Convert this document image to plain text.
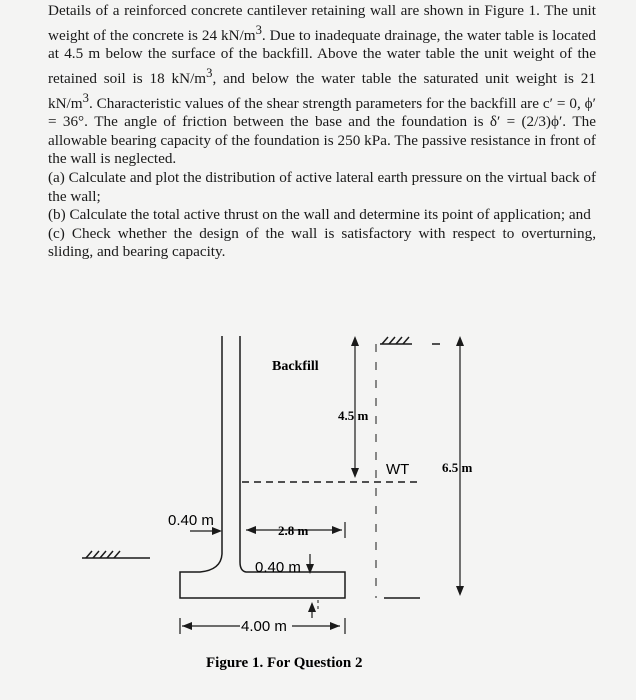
Details of a reinforced concrete cantilever retaining wall are shown in Figure 1. The unit weight of the concrete is 24 $kN/m^3$. Due to inadequate drainage, the water table is located at 4.5 m below the surface of the backfill. Above the water table the unit weight of the retained soil is 18 $kN/m^3$, and below the water table the saturated unit weight is 21 $kN/m^3$. Characteristic values of the shear strength parameters for the backfill are c′ = 0, ϕ′ = 36°. The angle of friction between the base and the foundation is δ′ = (2/3)ϕ′. The allowable bearing capacity of the foundation is 250 kPa. The passive resistance in front of the wall is neglected.

(a) Calculate and plot the distribution of active lateral earth pressure on the virtual back of the wall;

(b) Calculate the total active thrust on the wall and determine its point of application; and

(c) Check whether the design of the wall is satisfactory with respect to overturning, sliding, and bearing capacity.

Backfill
4.5 m
WT	6.5 m
0.40 m
2.8 m
0.40 m
4.00 m
Figure 1. For Question 2
